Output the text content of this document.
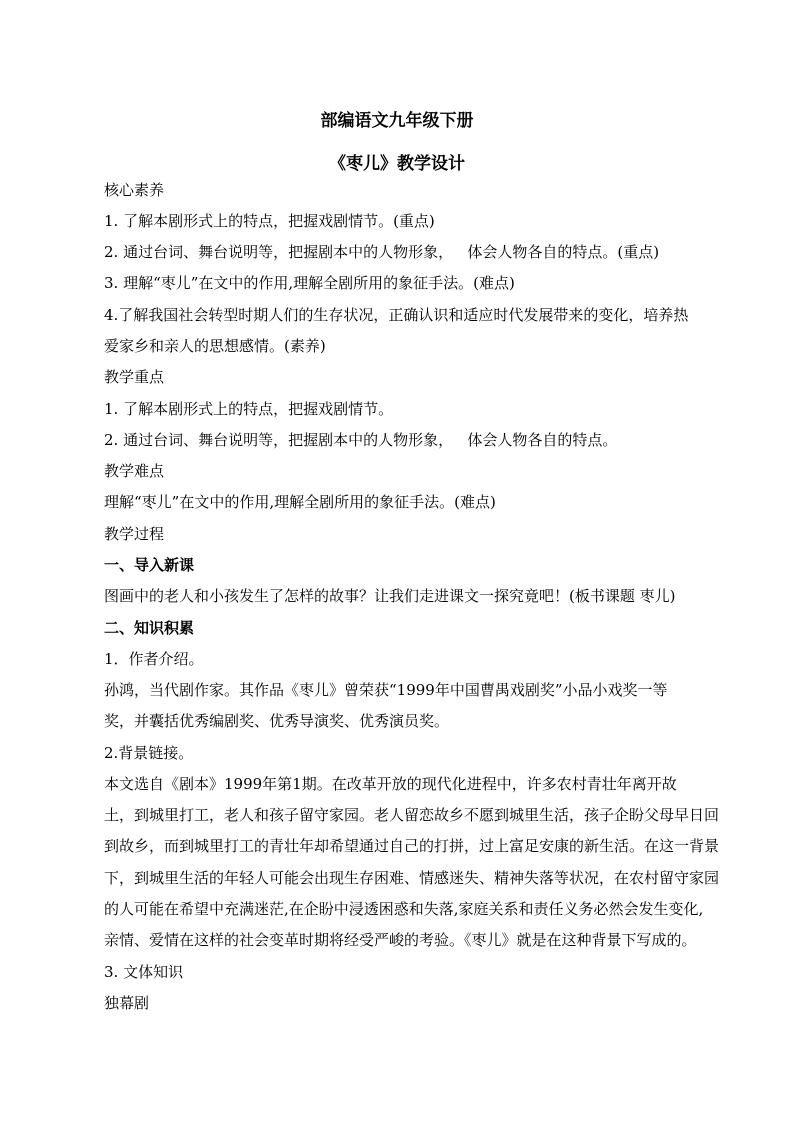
部编语文九年级下册
《枣儿》教学设计
核心素养
1. 了解本剧形式上的特点，把握戏剧情节。(重点)
2. 通过台词、舞台说明等，把握剧本中的人物形象，   体会人物各自的特点。(重点)
3. 理解“枣儿”在文中的作用,理解全剧所用的象征手法。(难点)
4.了解我国社会转型时期人们的生存状况，正确认识和适应时代发展带来的变化，培养热
爱家乡和亲人的思想感情。(素养)
教学重点
1. 了解本剧形式上的特点，把握戏剧情节。
2. 通过台词、舞台说明等，把握剧本中的人物形象，   体会人物各自的特点。
教学难点
理解“枣儿”在文中的作用,理解全剧所用的象征手法。(难点)
教学过程
一、导入新课
图画中的老人和小孩发生了怎样的故事？让我们走进课文一探究竟吧！(板书课题 枣儿)
二、知识积累
1．作者介绍。
孙鸿，当代剧作家。其作品《枣儿》曾荣获“1999年中国曹禺戏剧奖”小品小戏奖一等
奖，并囊括优秀编剧奖、优秀导演奖、优秀演员奖。
2.背景链接。
本文选自《剧本》1999年第1期。在改革开放的现代化进程中，许多农村青壮年离开故
土，到城里打工，老人和孩子留守家园。老人留恋故乡不愿到城里生活，孩子企盼父母早日回
到故乡，而到城里打工的青壮年却希望通过自己的打拼，过上富足安康的新生活。在这一背景
下，到城里生活的年轻人可能会出现生存困难、情感迷失、精神失落等状况，在农村留守家园
的人可能在希望中充满迷茫,在企盼中浸透困惑和失落,家庭关系和责任义务必然会发生变化,
亲情、爱情在这样的社会变革时期将经受严峻的考验。《枣儿》就是在这种背景下写成的。
3. 文体知识
独幕剧
